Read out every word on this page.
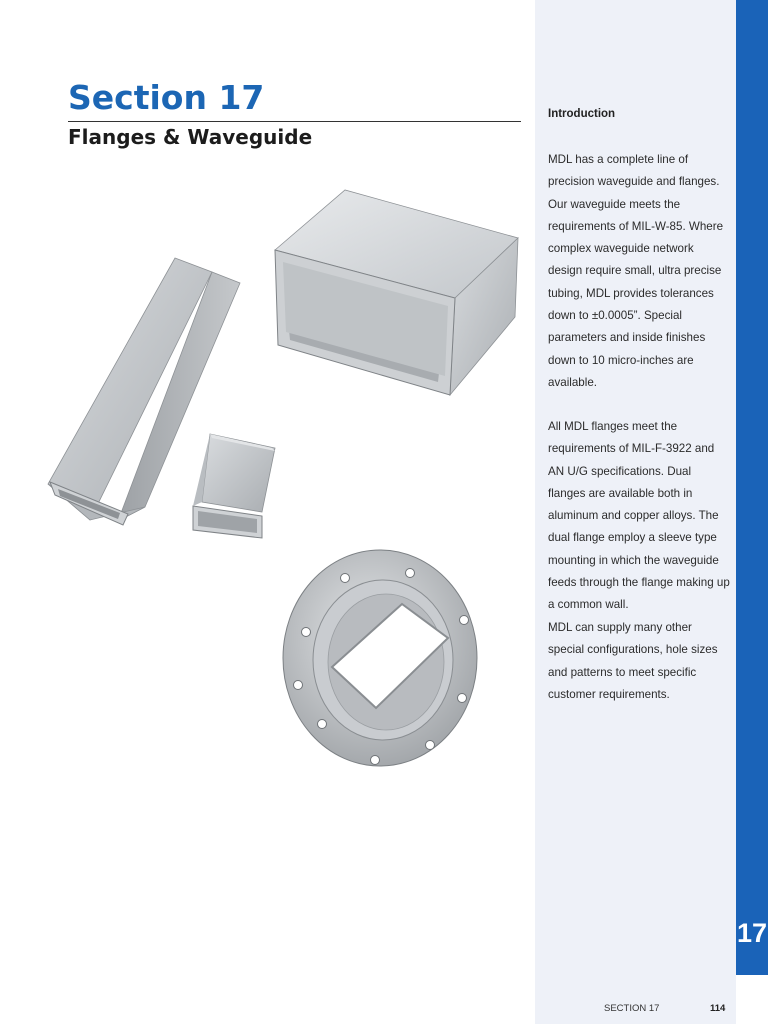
17
Section 17
Flanges & Waveguide
Introduction

MDL has a complete line of precision waveguide and flanges. Our waveguide meets the requirements of MIL-W-85. Where complex waveguide network design require small, ultra precise tubing, MDL provides tolerances down to ±0.0005”. Special parameters and inside finishes down to 10 micro-inches are available.

All MDL flanges meet the requirements of MIL-F-3922 and AN U/G specifications. Dual flanges are available both in aluminum and copper alloys. The dual flange employ a sleeve type mounting in which the waveguide feeds through the flange making up a common wall.

MDL can supply many other special configurations, hole sizes and patterns to meet specific customer requirements.

SECTION 17	114
